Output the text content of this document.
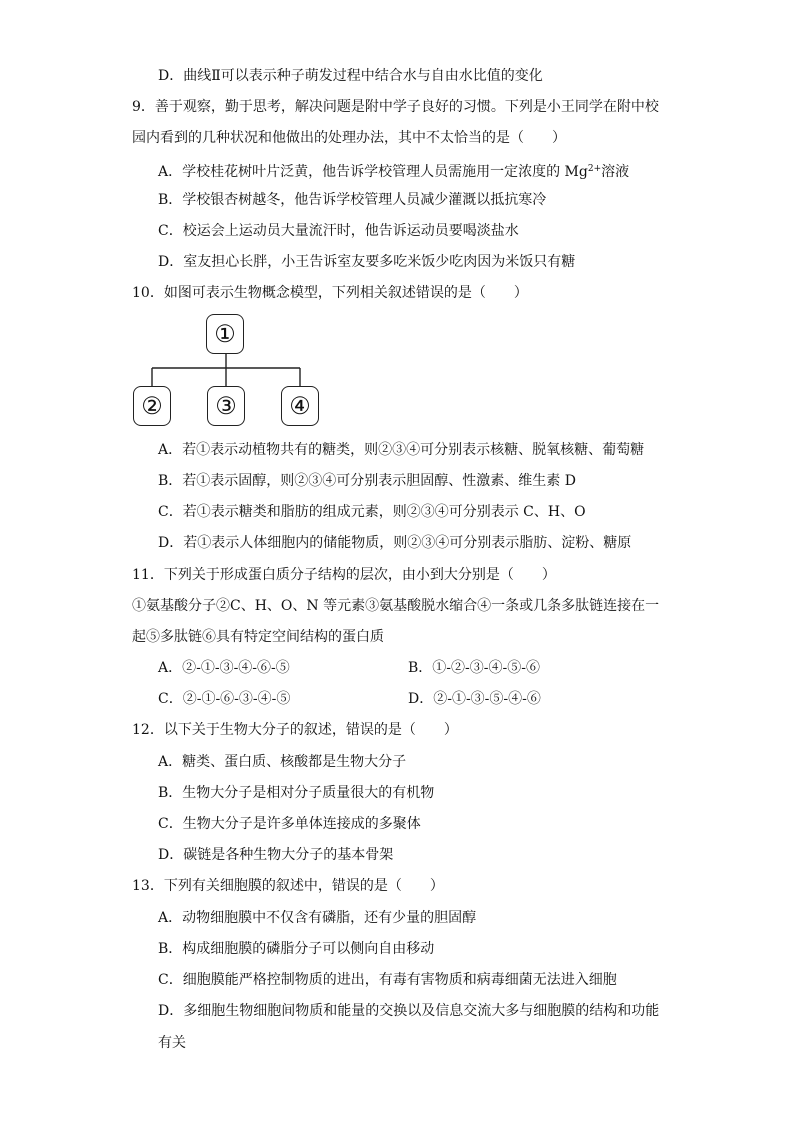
D．曲线Ⅱ可以表示种子萌发过程中结合水与自由水比值的变化
9．善于观察，勤于思考，解决问题是附中学子良好的习惯。下列是小王同学在附中校
园内看到的几种状况和他做出的处理办法，其中不太恰当的是（　　）
A．学校桂花树叶片泛黄，他告诉学校管理人员需施用一定浓度的 $Mg^{2+}$溶液
B．学校银杏树越冬，他告诉学校管理人员减少灌溉以抵抗寒冷
C．校运会上运动员大量流汗时，他告诉运动员要喝淡盐水
D．室友担心长胖，小王告诉室友要多吃米饭少吃肉因为米饭只有糖
10．如图可表示生物概念模型，下列相关叙述错误的是（　　）
①
②	③	④
A．若①表示动植物共有的糖类，则②③④可分别表示核糖、脱氧核糖、葡萄糖
B．若①表示固醇，则②③④可分别表示胆固醇、性激素、维生素 D
C．若①表示糖类和脂肪的组成元素，则②③④可分别表示 C、H、O
D．若①表示人体细胞内的储能物质，则②③④可分别表示脂肪、淀粉、糖原
11．下列关于形成蛋白质分子结构的层次，由小到大分别是（　　）
①氨基酸分子②C、H、O、N 等元素③氨基酸脱水缩合④一条或几条多肽链连接在一
起⑤多肽链⑥具有特定空间结构的蛋白质
A．②-①-③-④-⑥-⑤	B．①-②-③-④-⑤-⑥
C．②-①-⑥-③-④-⑤	D．②-①-③-⑤-④-⑥
12．以下关于生物大分子的叙述，错误的是（　　）
A．糖类、蛋白质、核酸都是生物大分子
B．生物大分子是相对分子质量很大的有机物
C．生物大分子是许多单体连接成的多聚体
D．碳链是各种生物大分子的基本骨架
13．下列有关细胞膜的叙述中，错误的是（　　）
A．动物细胞膜中不仅含有磷脂，还有少量的胆固醇
B．构成细胞膜的磷脂分子可以侧向自由移动
C．细胞膜能严格控制物质的进出，有毒有害物质和病毒细菌无法进入细胞
D．多细胞生物细胞间物质和能量的交换以及信息交流大多与细胞膜的结构和功能
有关
